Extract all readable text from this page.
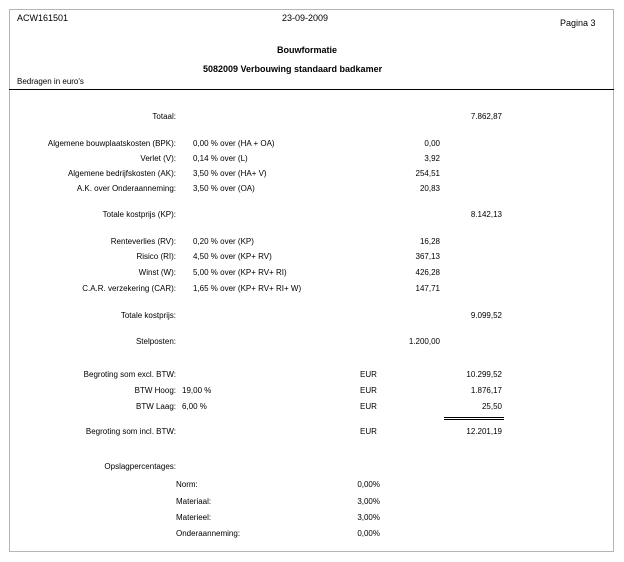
ACW161501	23-09-2009	Pagina 3
Bouwformatie
5082009 Verbouwing standaard badkamer
Bedragen in euro's
Totaal:	7.862,87
Algemene bouwplaatskosten (BPK): 0,00 % over (HA + OA)	0,00
Verlet (V): 0,14 % over (L)	3,92
Algemene bedrijfskosten (AK): 3,50 % over (HA+ V)	254,51
A.K. over Onderaanneming: 3,50 % over (OA)	20,83
Totale kostprijs (KP):	8.142,13
Renteverlies (RV): 0,20 % over (KP)	16,28
Risico (RI): 4,50 % over (KP+ RV)	367,13
Winst (W): 5,00 % over (KP+ RV+ RI)	426,28
C.A.R. verzekering (CAR): 1,65 % over (KP+ RV+ RI+ W)	147,71
Totale kostprijs:	9.099,52
Stelposten:	1.200,00
Begroting som excl. BTW:	EUR	10.299,52
BTW Hoog: 19,00 %	EUR	1.876,17
BTW Laag: 6,00 %	EUR	25,50
Begroting som incl. BTW:	EUR	12.201,19
Opslagpercentages:
Norm:	0,00%
Materiaal:	3,00%
Materieel:	3,00%
Onderaanneming:	0,00%
